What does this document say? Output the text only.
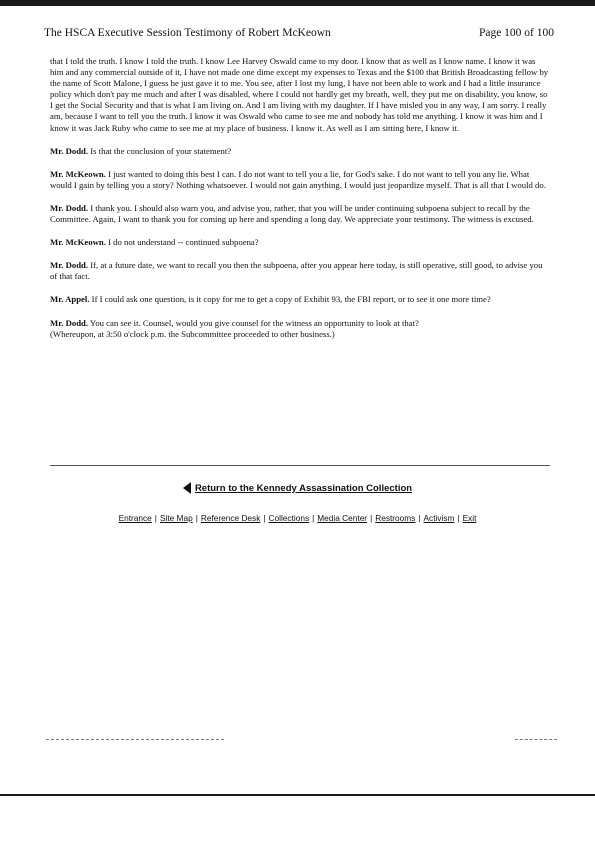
The HSCA Executive Session Testimony of Robert McKeown	Page 100 of 100

that I told the truth. I know I told the truth. I know Lee Harvey Oswald came to my door. I know that as well as I know name. I know it was him and any commercial outside of it, I have not made one dime except my expenses to Texas and the $100 that British Broadcasting fellow by the name of Scott Malone, I guess he just gave it to me. You see, after I lost my lung, I have not been able to work and I had a little insurance policy which don't pay me much and after I was disabled, where I could not hardly get my breath, well, they put me on disability, you know, so I get the Social Security and that is what I am living on. And I am living with my daughter. If I have misled you in any way, I am sorry. I really am, because I want to tell you the truth. I know it was Oswald who came to see me and nobody has told me anything. I know it was him and I know it was Jack Ruby who came to see me at my place of business. I know it. As well as I am sitting here, I know it.

Mr. Dodd. Is that the conclusion of your statement?

Mr. McKeown. I just wanted to doing this best I can. I do not want to tell you a lie, for God's sake. I do not want to tell you any lie. What would I gain by telling you a story? Nothing whatsoever. I would not gain anything. I would just jeopardize myself. That is all that I would do.

Mr. Dodd. I thank you. I should also warn you, and advise you, rather, that you will be under continuing subpoena subject to recall by the Committee. Again, I want to thank you for coming up here and spending a long day. We appreciate your testimony. The witness is excused.

Mr. McKeown. I do not understand -- continued subpoena?

Mr. Dodd. If, at a future date, we want to recall you then the subpoena, after you appear here today, is still operative, still good, to advise you of that fact.

Mr. Appel. If I could ask one question, is it copy for me to get a copy of Exhibit 93, the FBI report, or to see it one more time?

Mr. Dodd. You can see it. Counsel, would you give counsel for the witness an opportunity to look at that?
(Whereupon, at 3:50 o'clock p.m. the Subcommittee proceeded to other business.)

Return to the Kennedy Assassination Collection
Entrance | Site Map | Reference Desk | Collections | Media Center | Restrooms | Activism | Exit
